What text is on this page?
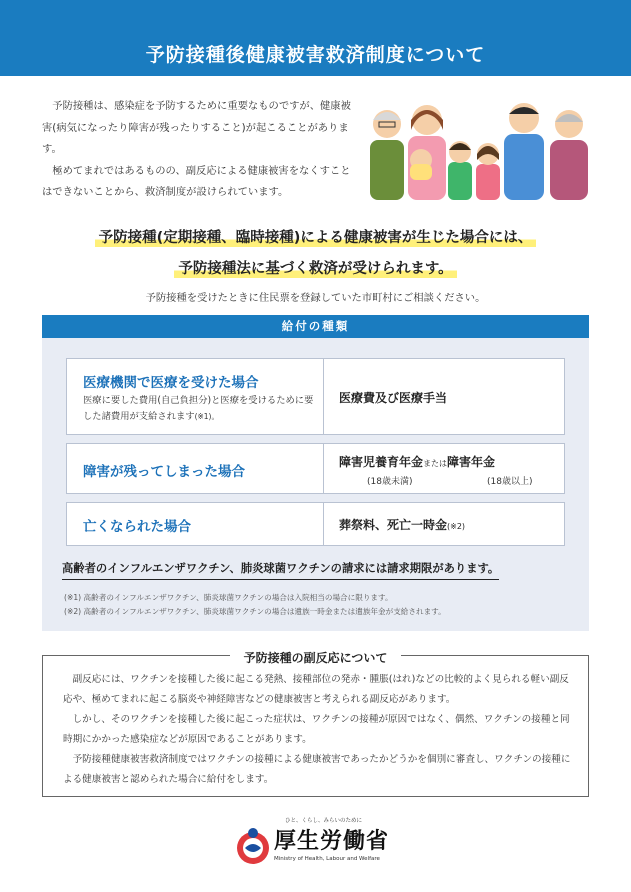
予防接種後健康被害救済制度について

予防接種は、感染症を予防するために重要なものですが、健康被害(病気になったり障害が残ったりすること)が起こることがあります。

極めてまれではあるものの、副反応による健康被害をなくすことはできないことから、救済制度が設けられています。

予防接種(定期接種、臨時接種)による健康被害が生じた場合には、
予防接種法に基づく救済が受けられます。
予防接種を受けたときに住民票を登録していた市町村にご相談ください。
給付の種類
医療機関で医療を受けた場合
医療に要した費用(自己負担分)と医療を受けるために要した諸費用が支給されます(※1)。
医療費及び医療手当
障害が残ってしまった場合
障害児養育年金または障害年金
(18歳未満)	(18歳以上)
亡くなられた場合	葬祭料、死亡一時金(※2)
高齢者のインフルエンザワクチン、肺炎球菌ワクチンの請求には請求期限があります。
(※1) 高齢者のインフルエンザワクチン、肺炎球菌ワクチンの場合は入院相当の場合に限ります。
(※2) 高齢者のインフルエンザワクチン、肺炎球菌ワクチンの場合は遺族一時金または遺族年金が支給されます。
予防接種の副反応について

副反応には、ワクチンを接種した後に起こる発熱、接種部位の発赤・腫脹(はれ)などの比較的よく見られる軽い副反応や、極めてまれに起こる脳炎や神経障害などの健康被害と考えられる副反応があります。

しかし、そのワクチンを接種した後に起こった症状は、ワクチンの接種が原因ではなく、偶然、ワクチンの接種と同時期にかかった感染症などが原因であることがあります。

予防接種健康被害救済制度ではワクチンの接種による健康被害であったかどうかを個別に審査し、ワクチンの接種による健康被害と認められた場合に給付をします。

ひと、くらし、みらいのために
厚生労働省
Ministry of Health, Labour and Welfare
